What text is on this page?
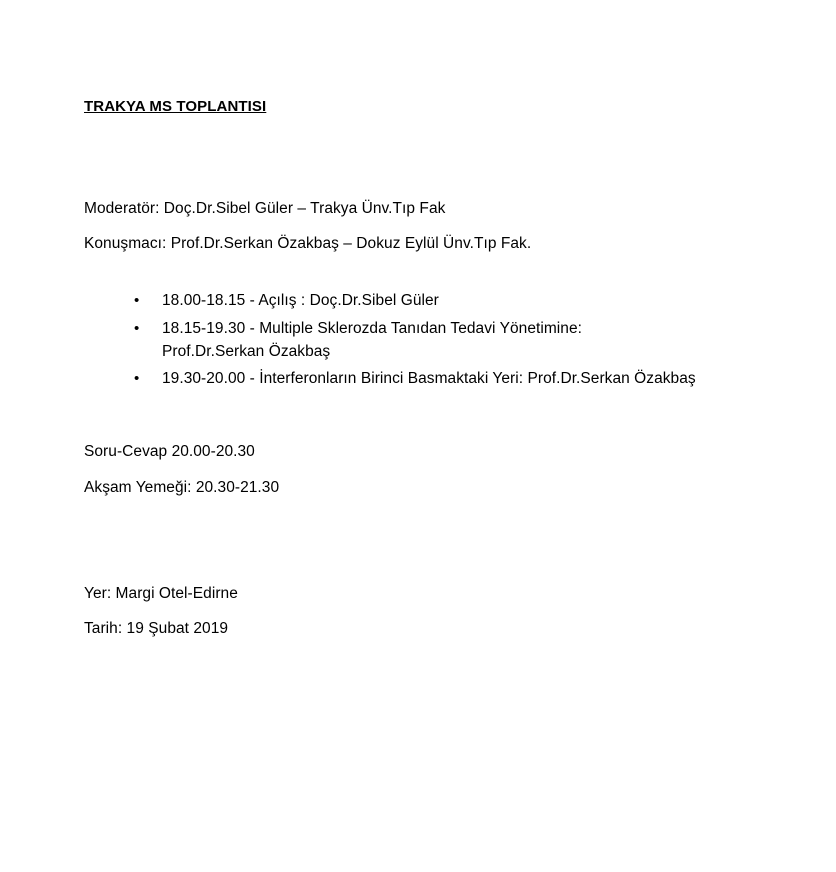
TRAKYA MS TOPLANTISI

Moderatör: Doç.Dr.Sibel Güler – Trakya Ünv.Tıp Fak

Konuşmacı: Prof.Dr.Serkan Özakbaş – Dokuz Eylül Ünv.Tıp Fak.

• 18.00-18.15 - Açılış : Doç.Dr.Sibel Güler
• 18.15-19.30 - Multiple Sklerozda Tanıdan Tedavi Yönetimine:
Prof.Dr.Serkan Özakbaş
• 19.30-20.00 - İnterferonların Birinci Basmaktaki Yeri: Prof.Dr.Serkan Özakbaş

Soru-Cevap 20.00-20.30

Akşam Yemeği: 20.30-21.30

Yer: Margi Otel-Edirne

Tarih: 19 Şubat 2019
